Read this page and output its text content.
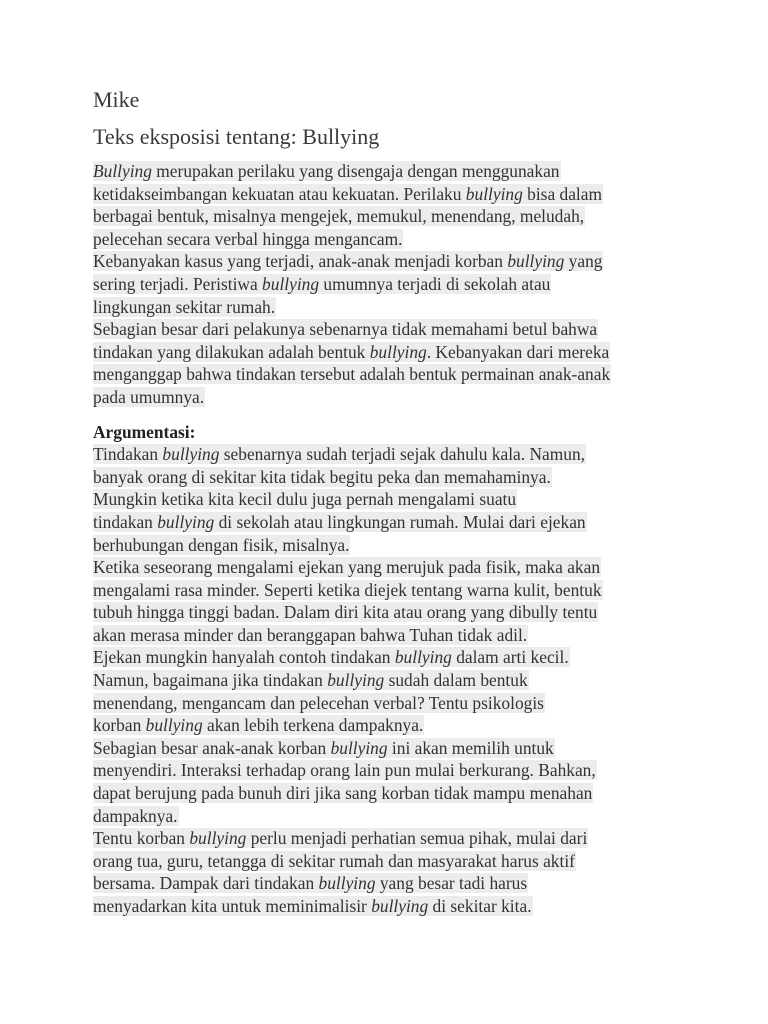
Mike
Teks eksposisi tentang: Bullying
Bullying merupakan perilaku yang disengaja dengan menggunakan
ketidakseimbangan kekuatan atau kekuatan. Perilaku bullying bisa dalam
berbagai bentuk, misalnya mengejek, memukul, menendang, meludah,
pelecehan secara verbal hingga mengancam.
Kebanyakan kasus yang terjadi, anak-anak menjadi korban bullying yang
sering terjadi. Peristiwa bullying umumnya terjadi di sekolah atau
lingkungan sekitar rumah.
Sebagian besar dari pelakunya sebenarnya tidak memahami betul bahwa
tindakan yang dilakukan adalah bentuk bullying. Kebanyakan dari mereka
menganggap bahwa tindakan tersebut adalah bentuk permainan anak-anak
pada umumnya.
Argumentasi:
Tindakan bullying sebenarnya sudah terjadi sejak dahulu kala. Namun,
banyak orang di sekitar kita tidak begitu peka dan memahaminya.
Mungkin ketika kita kecil dulu juga pernah mengalami suatu
tindakan bullying di sekolah atau lingkungan rumah. Mulai dari ejekan
berhubungan dengan fisik, misalnya.
Ketika seseorang mengalami ejekan yang merujuk pada fisik, maka akan
mengalami rasa minder. Seperti ketika diejek tentang warna kulit, bentuk
tubuh hingga tinggi badan. Dalam diri kita atau orang yang dibully tentu
akan merasa minder dan beranggapan bahwa Tuhan tidak adil.
Ejekan mungkin hanyalah contoh tindakan bullying dalam arti kecil.
Namun, bagaimana jika tindakan bullying sudah dalam bentuk
menendang, mengancam dan pelecehan verbal? Tentu psikologis
korban bullying akan lebih terkena dampaknya.
Sebagian besar anak-anak korban bullying ini akan memilih untuk
menyendiri. Interaksi terhadap orang lain pun mulai berkurang. Bahkan,
dapat berujung pada bunuh diri jika sang korban tidak mampu menahan
dampaknya.
Tentu korban bullying perlu menjadi perhatian semua pihak, mulai dari
orang tua, guru, tetangga di sekitar rumah dan masyarakat harus aktif
bersama. Dampak dari tindakan bullying yang besar tadi harus
menyadarkan kita untuk meminimalisir bullying di sekitar kita.
